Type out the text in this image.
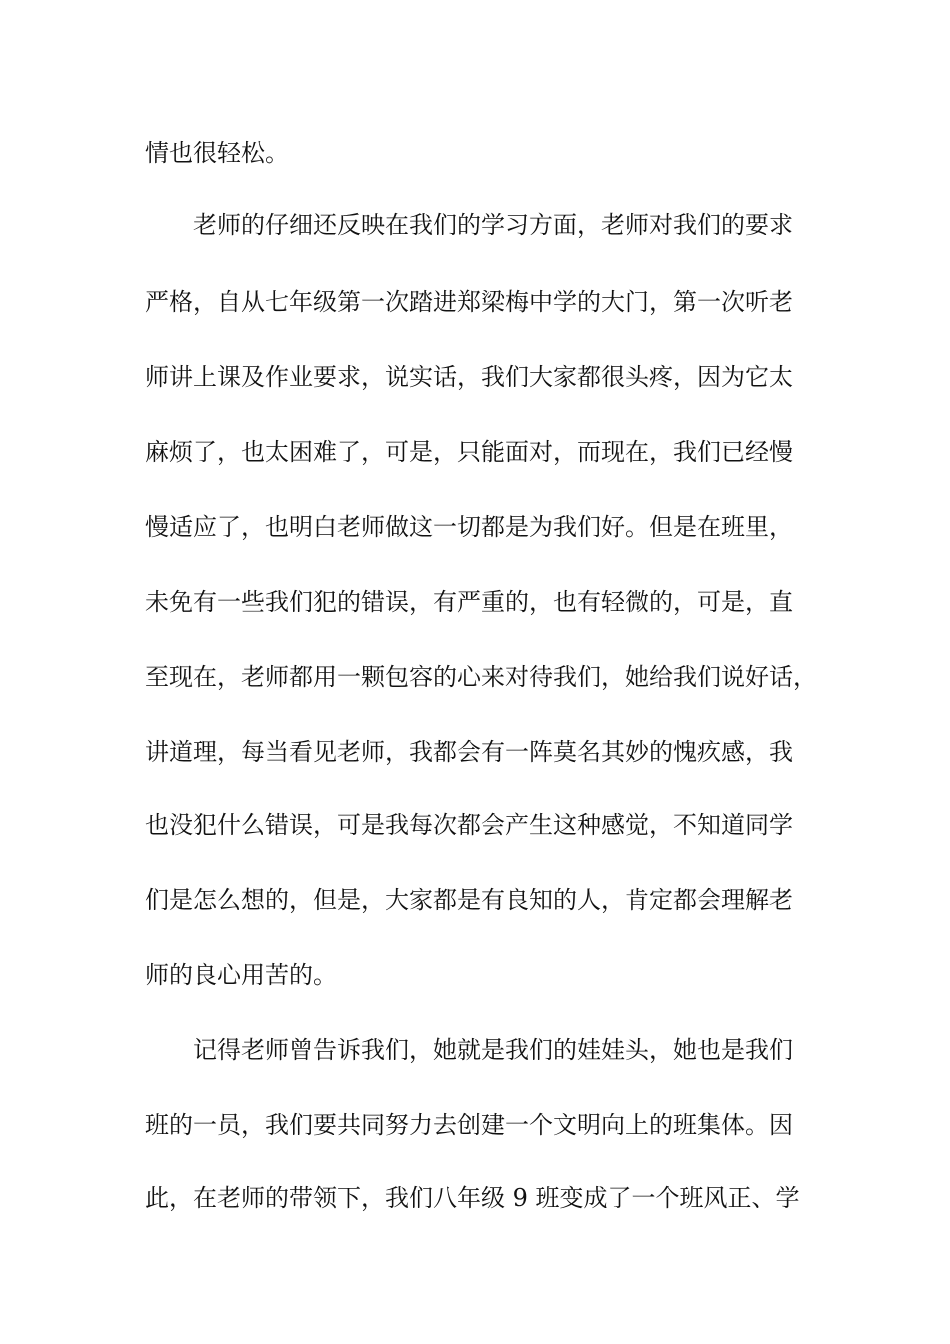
情也很轻松。
　　老师的仔细还反映在我们的学习方面，老师对我们的要求
严格，自从七年级第一次踏进郑梁梅中学的大门，第一次听老
师讲上课及作业要求，说实话，我们大家都很头疼，因为它太
麻烦了，也太困难了，可是，只能面对，而现在，我们已经慢
慢适应了，也明白老师做这一切都是为我们好。但是在班里，
未免有一些我们犯的错误，有严重的，也有轻微的，可是，直
至现在，老师都用一颗包容的心来对待我们，她给我们说好话，
讲道理，每当看见老师，我都会有一阵莫名其妙的愧疚感，我
也没犯什么错误，可是我每次都会产生这种感觉，不知道同学
们是怎么想的，但是，大家都是有良知的人，肯定都会理解老
师的良心用苦的。
　　记得老师曾告诉我们，她就是我们的娃娃头，她也是我们
班的一员，我们要共同努力去创建一个文明向上的班集体。因
此，在老师的带领下，我们八年级 9 班变成了一个班风正、学
